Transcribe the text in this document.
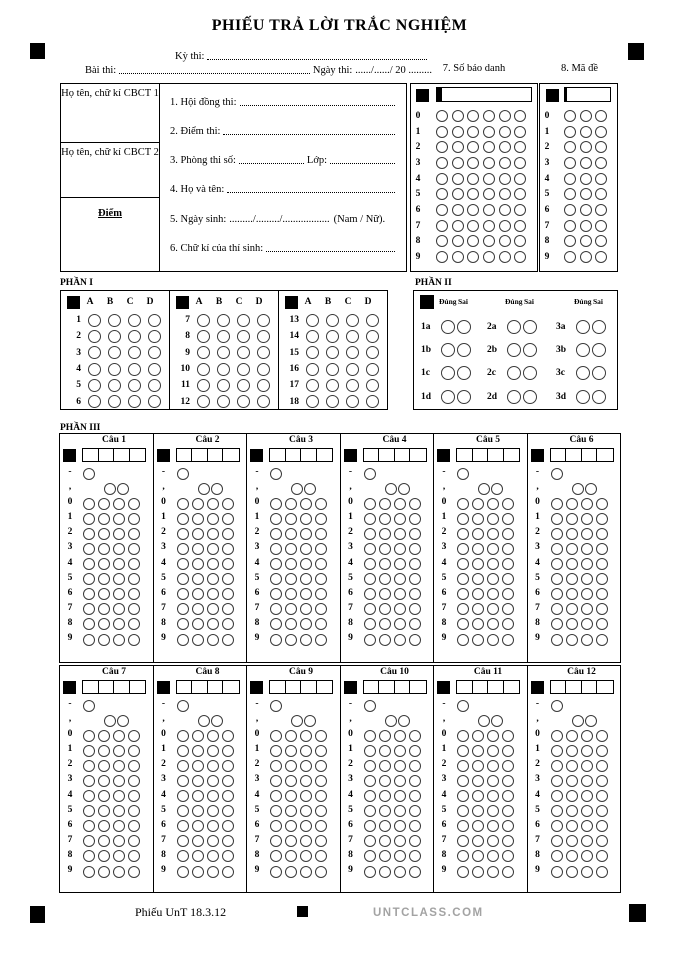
PHIẾU TRẢ LỜI TRẮC NGHIỆM
Kỳ thi:
Bài thi:	Ngày thi: ....../....../ 20 ......... 7. Số báo danh	8. Mã đề
Họ tên, chữ kí CBCT 1
Họ tên, chữ kí CBCT 2
Điểm
1. Hội đồng thi:
2. Điểm thi:
3. Phòng thi số:	Lớp:
4. Họ và tên:
5. Ngày sinh: ........./........./.................. (Nam / Nữ).
6. Chữ kí của thí sinh:
0
1
2
3
4
5
6
7
8
9
0
1
2
3
4
5
6
7
8
9
PHẦN I
A	B	C	D
1
2
3
4
5
6
A	B	C	D
7
8
9
10
11
12
A	B	C	D
13
14
15
16
17
18
PHẦN II
Đúng Sai
1a
1b
1c
1d
Đúng Sai
2a
2b
2c
2d
Đúng Sai
3a
3b
3c
3d
PHẦN III
Câu 1
-
,
0
1
2
3
4
5
6
7
8
9
Câu 2
-
,
0
1
2
3
4
5
6
7
8
9
Câu 3
-
,
0
1
2
3
4
5
6
7
8
9
Câu 4
-
,
0
1
2
3
4
5
6
7
8
9
Câu 5
-
,
0
1
2
3
4
5
6
7
8
9
Câu 6
-
,
0
1
2
3
4
5
6
7
8
9
Câu 7
-
,
0
1
2
3
4
5
6
7
8
9
Câu 8
-
,
0
1
2
3
4
5
6
7
8
9
Câu 9
-
,
0
1
2
3
4
5
6
7
8
9
Câu 10
-
,
0
1
2
3
4
5
6
7
8
9
Câu 11
-
,
0
1
2
3
4
5
6
7
8
9
Câu 12
-
,
0
1
2
3
4
5
6
7
8
9
Phiếu UnT 18.3.12	UNTCLASS.COM
